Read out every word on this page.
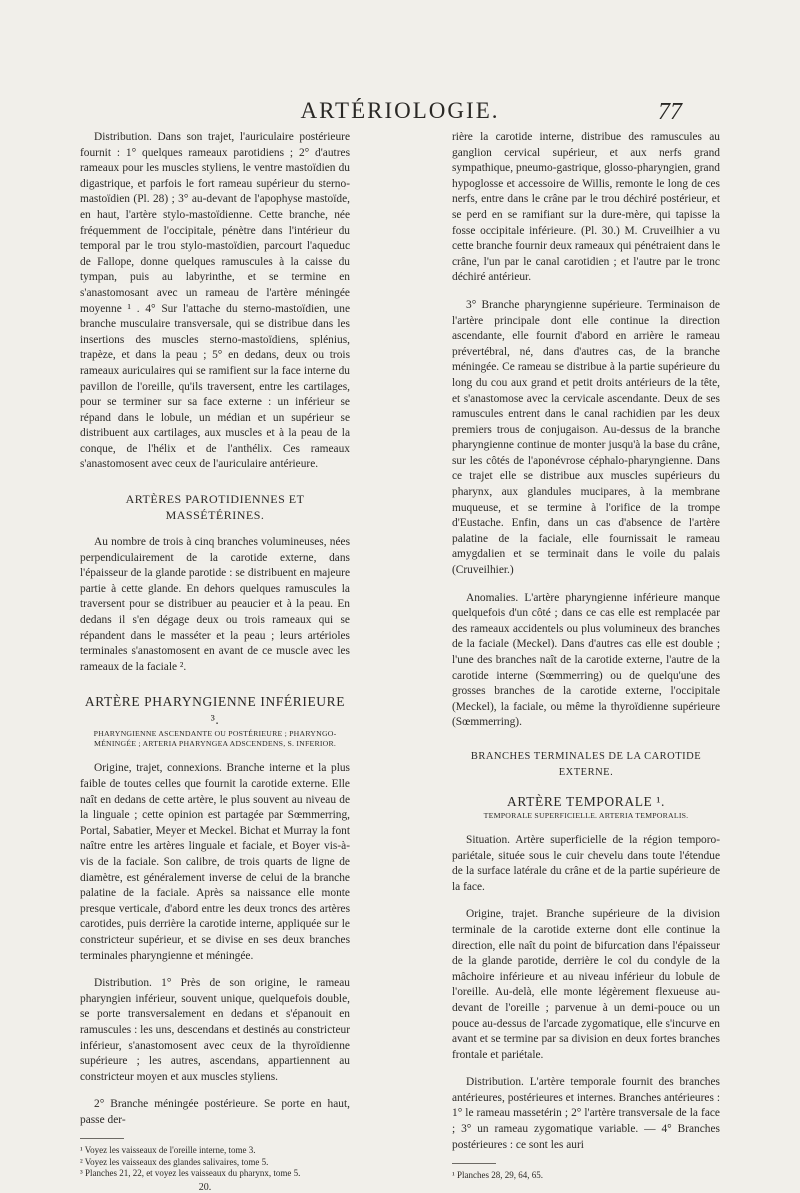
ARTÉRIOLOGIE.	77

Distribution. Dans son trajet, l'auriculaire postérieure fournit : 1° quelques rameaux parotidiens ; 2° d'autres rameaux pour les muscles styliens, le ventre mastoïdien du digastrique, et parfois le fort rameau supérieur du sterno-mastoïdien (Pl. 28) ; 3° au-devant de l'apophyse mastoïde, en haut, l'artère stylo-mastoïdienne. Cette branche, née fréquemment de l'occipitale, pénètre dans l'intérieur du temporal par le trou stylo-mastoïdien, parcourt l'aqueduc de Fallope, donne quelques ramuscules à la caisse du tympan, puis au labyrinthe, et se termine en s'anastomosant avec un rameau de l'artère méningée moyenne ¹ . 4° Sur l'attache du sterno-mastoïdien, une branche musculaire transversale, qui se distribue dans les insertions des muscles sterno-mastoïdiens, splénius, trapèze, et dans la peau ; 5° en dedans, deux ou trois rameaux auriculaires qui se ramifient sur la face interne du pavillon de l'oreille, qu'ils traversent, entre les cartilages, pour se terminer sur sa face externe : un inférieur se répand dans le lobule, un médian et un supérieur se distribuent aux cartilages, aux muscles et à la peau de la conque, de l'hélix et de l'anthélix. Ces rameaux s'anastomosent avec ceux de l'auriculaire antérieure.

ARTÈRES PAROTIDIENNES ET MASSÉTÉRINES.

Au nombre de trois à cinq branches volumineuses, nées perpendiculairement de la carotide externe, dans l'épaisseur de la glande parotide : se distribuent en majeure partie à cette glande. En dehors quelques ramuscules la traversent pour se distribuer au peaucier et à la peau. En dedans il s'en dégage deux ou trois rameaux qui se répandent dans le masséter et la peau ; leurs artérioles terminales s'anastomosent en avant de ce muscle avec les rameaux de la faciale ².

ARTÈRE PHARYNGIENNE INFÉRIEURE ³.
PHARYNGIENNE ASCENDANTE OU POSTÉRIEURE ; PHARYNGO-MÉNINGÉE ; ARTERIA PHARYNGEA ADSCENDENS, S. INFERIOR.

Origine, trajet, connexions. Branche interne et la plus faible de toutes celles que fournit la carotide externe. Elle naît en dedans de cette artère, le plus souvent au niveau de la linguale ; cette opinion est partagée par Sœmmerring, Portal, Sabatier, Meyer et Meckel. Bichat et Murray la font naître entre les artères linguale et faciale, et Boyer vis-à-vis de la faciale. Son calibre, de trois quarts de ligne de diamètre, est généralement inverse de celui de la branche palatine de la faciale. Après sa naissance elle monte presque verticale, d'abord entre les deux troncs des artères carotides, puis derrière la carotide interne, appliquée sur le constricteur supérieur, et se divise en ses deux branches terminales pharyngienne et méningée.

Distribution. 1° Près de son origine, le rameau pharyngien inférieur, souvent unique, quelquefois double, se porte transversalement en dedans et s'épanouit en ramuscules : les uns, descendans et destinés au constricteur inférieur, s'anastomosent avec ceux de la thyroïdienne supérieure ; les autres, ascendans, appartiennent au constricteur moyen et aux muscles styliens.

2° Branche méningée postérieure. Se porte en haut, passe der-

¹ Voyez les vaisseaux de l'oreille interne, tome 3.

² Voyez les vaisseaux des glandes salivaires, tome 5.

³ Planches 21, 22, et voyez les vaisseaux du pharynx, tome 5.

20.

rière la carotide interne, distribue des ramuscules au ganglion cervical supérieur, et aux nerfs grand sympathique, pneumo-gastrique, glosso-pharyngien, grand hypoglosse et accessoire de Willis, remonte le long de ces nerfs, entre dans le crâne par le trou déchiré postérieur, et se perd en se ramifiant sur la dure-mère, qui tapisse la fosse occipitale inférieure. (Pl. 30.) M. Cruveilhier a vu cette branche fournir deux rameaux qui pénétraient dans le crâne, l'un par le canal carotidien ; et l'autre par le tronc déchiré antérieur.

3° Branche pharyngienne supérieure. Terminaison de l'artère principale dont elle continue la direction ascendante, elle fournit d'abord en arrière le rameau prévertébral, né, dans d'autres cas, de la branche méningée. Ce rameau se distribue à la partie supérieure du long du cou aux grand et petit droits antérieurs de la tête, et s'anastomose avec la cervicale ascendante. Deux de ses ramuscules entrent dans le canal rachidien par les deux premiers trous de conjugaison. Au-dessus de la branche pharyngienne continue de monter jusqu'à la base du crâne, sur les côtés de l'aponévrose céphalo-pharyngienne. Dans ce trajet elle se distribue aux muscles supérieurs du pharynx, aux glandules mucipares, à la membrane muqueuse, et se termine à l'orifice de la trompe d'Eustache. Enfin, dans un cas d'absence de l'artère palatine de la faciale, elle fournissait le rameau amygdalien et se terminait dans le voile du palais (Cruveilhier.)

Anomalies. L'artère pharyngienne inférieure manque quelquefois d'un côté ; dans ce cas elle est remplacée par des rameaux accidentels ou plus volumineux des branches de la faciale (Meckel). Dans d'autres cas elle est double ; l'une des branches naît de la carotide externe, l'autre de la carotide interne (Sœmmerring) ou de quelqu'une des grosses branches de la carotide externe, l'occipitale (Meckel), la faciale, ou même la thyroïdienne supérieure (Sœmmerring).

BRANCHES TERMINALES DE LA CAROTIDE EXTERNE.
ARTÈRE TEMPORALE ¹.
TEMPORALE SUPERFICIELLE. ARTERIA TEMPORALIS.

Situation. Artère superficielle de la région temporo-pariétale, située sous le cuir chevelu dans toute l'étendue de la surface latérale du crâne et de la partie supérieure de la face.

Origine, trajet. Branche supérieure de la division terminale de la carotide externe dont elle continue la direction, elle naît du point de bifurcation dans l'épaisseur de la glande parotide, derrière le col du condyle de la mâchoire inférieure et au niveau inférieur du lobule de l'oreille. Au-delà, elle monte légèrement flexueuse au-devant de l'oreille ; parvenue à un demi-pouce ou un pouce au-dessus de l'arcade zygomatique, elle s'incurve en avant et se termine par sa division en deux fortes branches frontale et pariétale.

Distribution. L'artère temporale fournit des branches antérieures, postérieures et internes. Branches antérieures : 1° le rameau massetérin ; 2° l'artère transversale de la face ; 3° un rameau zygomatique variable. — 4° Branches postérieures : ce sont les auri

¹ Planches 28, 29, 64, 65.
